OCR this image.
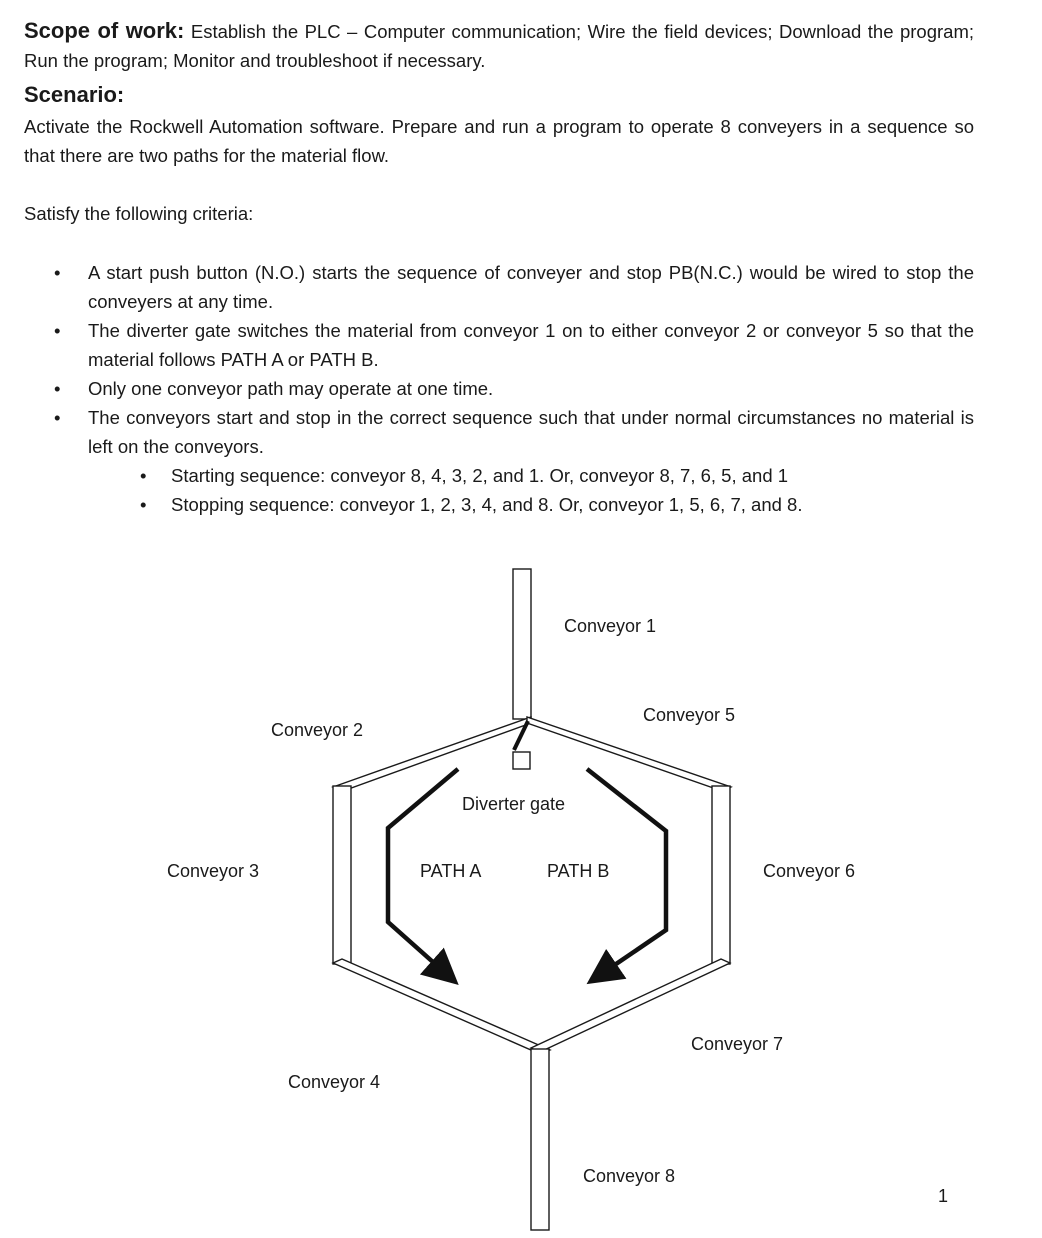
Scope of work: Establish the PLC – Computer communication; Wire the field devices; Download the program; Run the program; Monitor and troubleshoot if necessary.
Scenario:
Activate the Rockwell Automation software. Prepare and run a program to operate 8 conveyers in a sequence so that there are two paths for the material flow.
Satisfy the following criteria:
• A start push button (N.O.) starts the sequence of conveyer and stop PB(N.C.) would be wired to stop the conveyers at any time.
• The diverter gate switches the material from conveyor 1 on to either conveyor 2 or conveyor 5 so that the material follows PATH A or PATH B.
• Only one conveyor path may operate at one time.
• The conveyors start and stop in the correct sequence such that under normal circumstances no material is left on the conveyors.
• Starting sequence: conveyor 8, 4, 3, 2, and 1. Or, conveyor 8, 7, 6, 5, and 1
• Stopping sequence: conveyor 1, 2, 3, 4, and 8. Or, conveyor 1, 5, 6, 7, and 8.
Conveyor 1
Conveyor 2
Conveyor 5
Diverter gate
Conveyor 3	PATH A	PATH B	Conveyor 6
Conveyor 7
Conveyor 4
Conveyor 8
1
